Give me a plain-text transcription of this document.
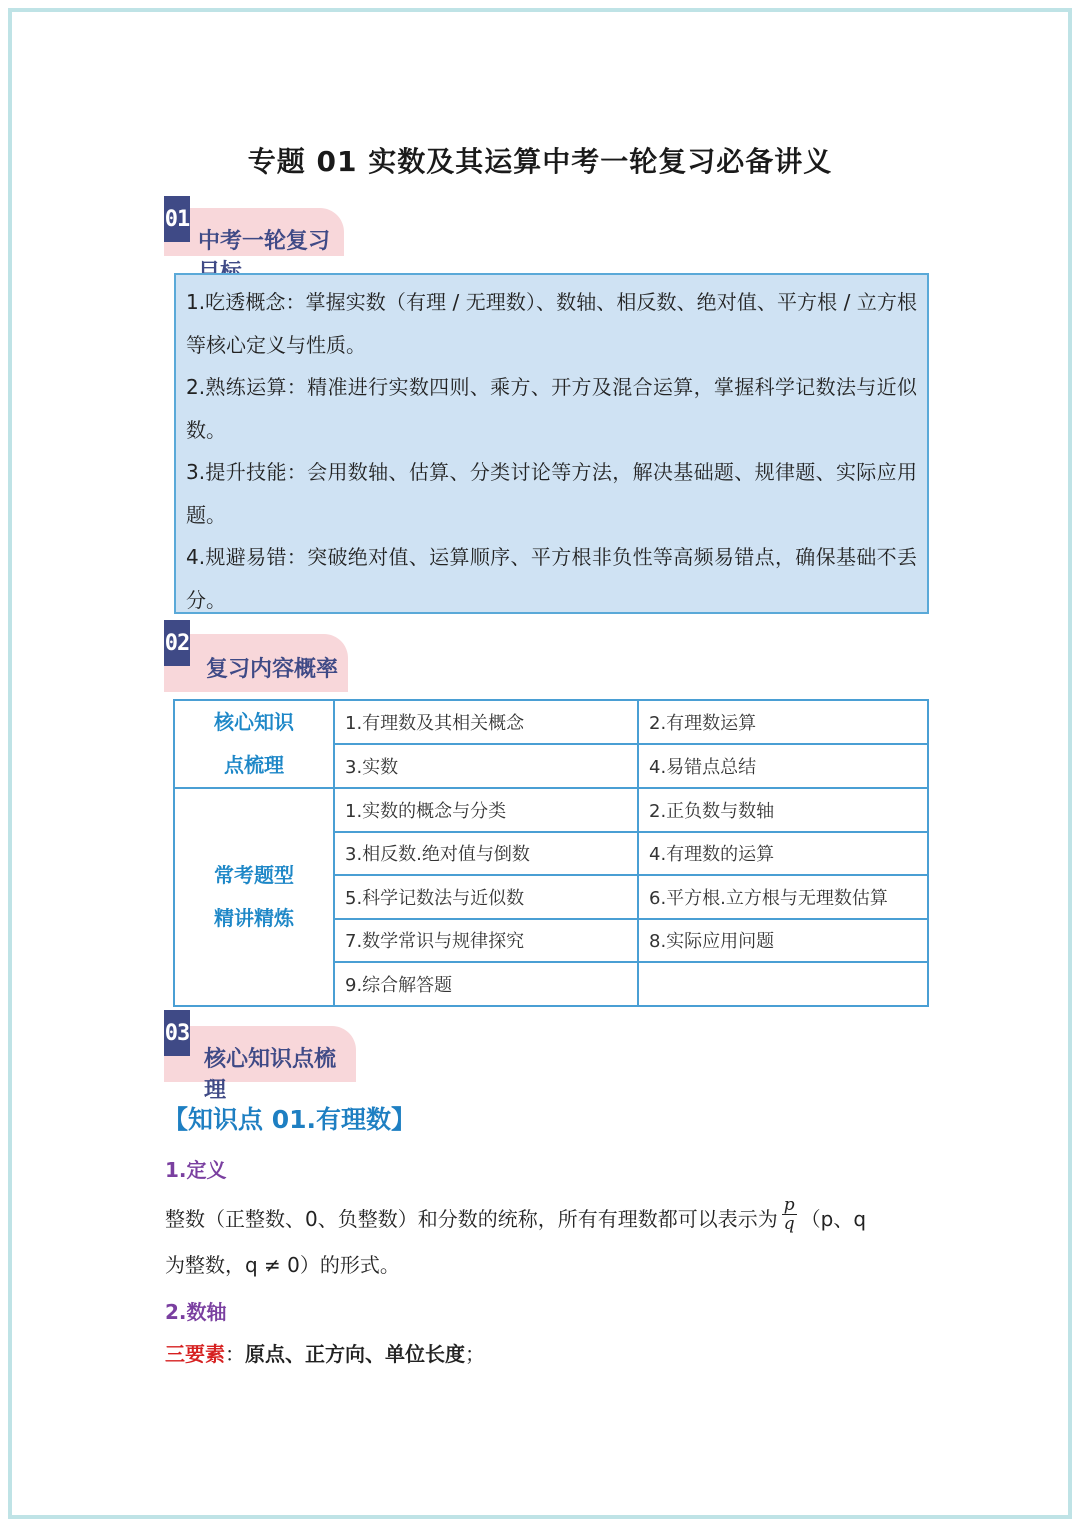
专题 01 实数及其运算中考一轮复习必备讲义
01
中考一轮复习

1.吃透概念：掌握实数（有理 / 无理数）、数轴、相反数、绝对值、平方根 / 立方根等核心定义与性质。

2.熟练运算：精准进行实数四则、乘方、开方及混合运算，掌握科学记数法与近似数。

3.提升技能：会用数轴、估算、分类讨论等方法，解决基础题、规律题、实际应用题。

4.规避易错：突破绝对值、运算顺序、平方根非负性等高频易错点，确保基础不丢分。

02
复习内容概率
核心知识
点梳理	1.有理数及其相关概念	2.有理数运算
	3.实数	4.易错点总结

常考题型
精讲精炼	1.实数的概念与分类	2.正负数与数轴
	3.相反数.绝对值与倒数	4.有理数的运算
	5.科学记数法与近似数	6.平方根.立方根与无理数估算
	7.数学常识与规律探究	8.实际应用问题
	9.综合解答题	
03
核心知识点梳理
【知识点 01.有理数】
1.定义
整数（正整数、0、负整数）和分数的统称，所有有理数都可以表示为 $\frac{p}{q} (p$、q
为整数，q ≠ 0）的形式。
2.数轴
三要素：原点、正方向、单位长度；
